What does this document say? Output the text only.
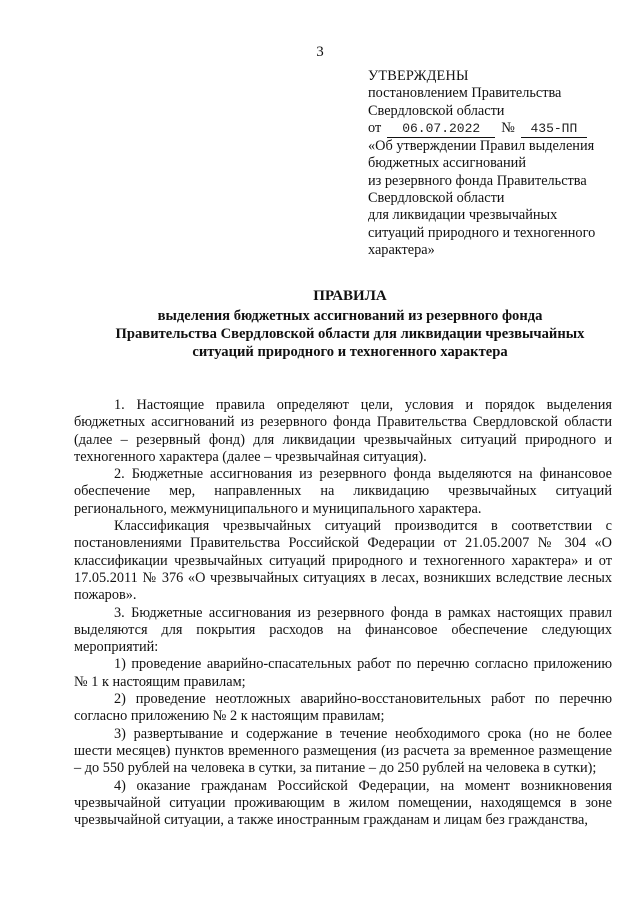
3
УТВЕРЖДЕНЫ
постановлением Правительства
Свердловской области
от	06.07.2022	№	435-ПП
«Об утверждении Правил выделения
бюджетных ассигнований
из резервного фонда Правительства
Свердловской области
для ликвидации чрезвычайных
ситуаций природного и техногенного
характера»
ПРАВИЛА
выделения бюджетных ассигнований из резервного фонда
Правительства Свердловской области для ликвидации чрезвычайных
ситуаций природного и техногенного характера

1. Настоящие правила определяют цели, условия и порядок выделения бюджетных ассигнований из резервного фонда Правительства Свердловской области (далее – резервный фонд) для ликвидации чрезвычайных ситуаций природного и техногенного характера (далее – чрезвычайная ситуация).

2. Бюджетные ассигнования из резервного фонда выделяются на финансовое обеспечение мер, направленных на ликвидацию чрезвычайных ситуаций регионального, межмуниципального и муниципального характера.

Классификация чрезвычайных ситуаций производится в соответствии с постановлениями Правительства Российской Федерации от 21.05.2007 № 304 «О классификации чрезвычайных ситуаций природного и техногенного характера» и от 17.05.2011 № 376 «О чрезвычайных ситуациях в лесах, возникших вследствие лесных пожаров».

3. Бюджетные ассигнования из резервного фонда в рамках настоящих правил выделяются для покрытия расходов на финансовое обеспечение следующих мероприятий:

1) проведение аварийно-спасательных работ по перечню согласно приложению № 1 к настоящим правилам;

2) проведение неотложных аварийно-восстановительных работ по перечню согласно приложению № 2 к настоящим правилам;

3) развертывание и содержание в течение необходимого срока (но не более шести месяцев) пунктов временного размещения (из расчета за временное размещение – до 550 рублей на человека в сутки, за питание – до 250 рублей на человека в сутки);

4) оказание гражданам Российской Федерации, на момент возникновения чрезвычайной ситуации проживающим в жилом помещении, находящемся в зоне чрезвычайной ситуации, а также иностранным гражданам и лицам без гражданства,
